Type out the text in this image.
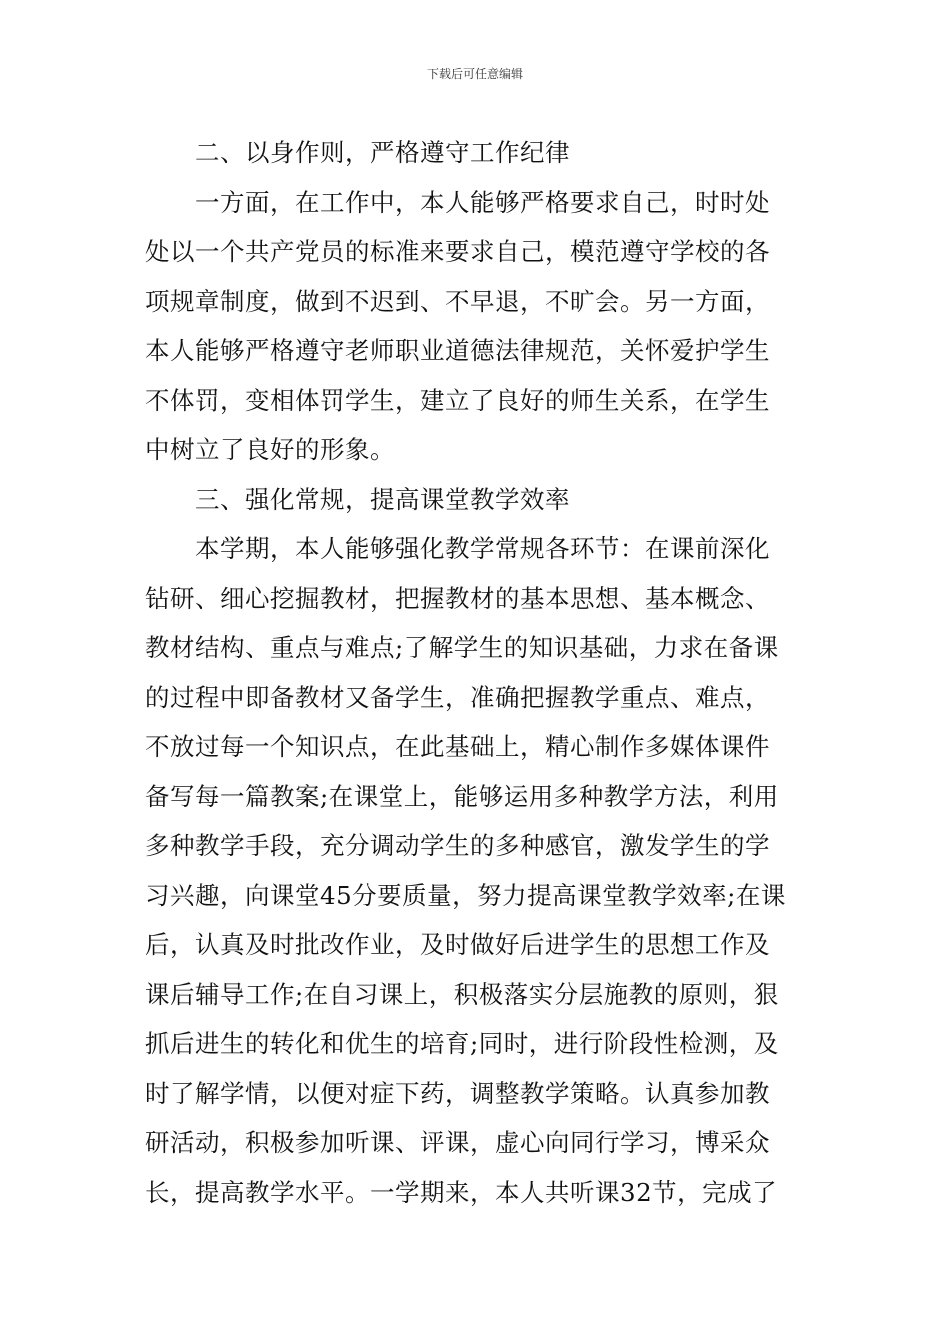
下载后可任意编辑
二、以身作则，严格遵守工作纪律
一方面，在工作中，本人能够严格要求自己，时时处
处以一个共产党员的标准来要求自己，模范遵守学校的各
项规章制度，做到不迟到、不早退，不旷会。另一方面，
本人能够严格遵守老师职业道德法律规范，关怀爱护学生
不体罚，变相体罚学生，建立了良好的师生关系，在学生
中树立了良好的形象。
三、强化常规，提高课堂教学效率
本学期，本人能够强化教学常规各环节：在课前深化
钻研、细心挖掘教材，把握教材的基本思想、基本概念、
教材结构、重点与难点;了解学生的知识基础，力求在备课
的过程中即备教材又备学生，准确把握教学重点、难点，
不放过每一个知识点，在此基础上，精心制作多媒体课件
备写每一篇教案;在课堂上，能够运用多种教学方法，利用
多种教学手段，充分调动学生的多种感官，激发学生的学
习兴趣，向课堂45分要质量，努力提高课堂教学效率;在课
后，认真及时批改作业，及时做好后进学生的思想工作及
课后辅导工作;在自习课上，积极落实分层施教的原则，狠
抓后进生的转化和优生的培育;同时，进行阶段性检测，及
时了解学情，以便对症下药，调整教学策略。认真参加教
研活动，积极参加听课、评课，虚心向同行学习，博采众
长，提高教学水平。一学期来，本人共听课32节，完成了
